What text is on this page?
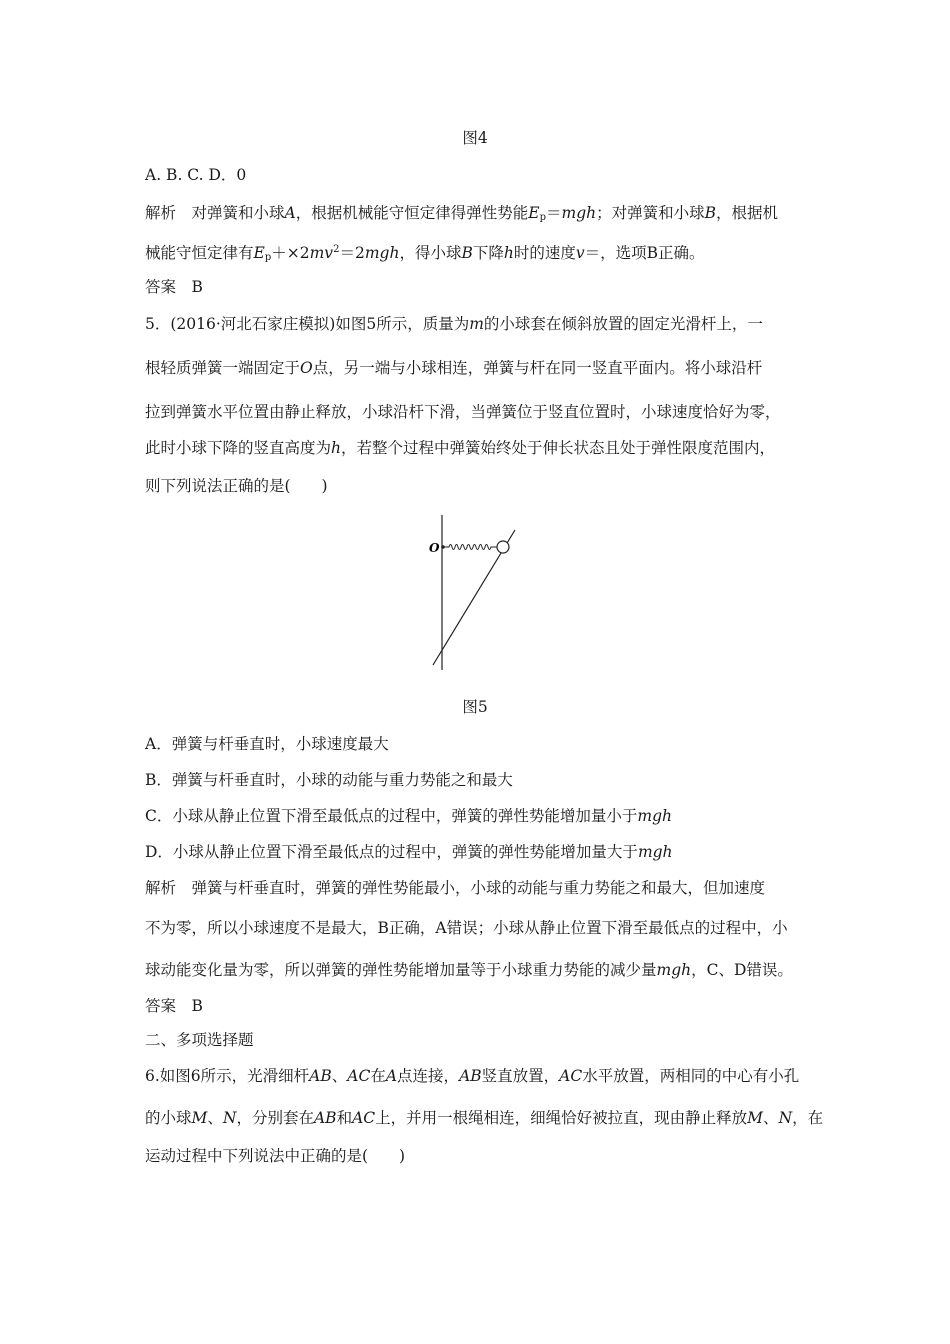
图4
A. B. C. D．0
解析　 对弹簧和小球A，根据机械能守恒定律得弹性势能$E_p=mgh$；对弹簧和小球B，根据机
械能守恒定律有$E_p+\times 2mv^2=2mgh$，得小球B下降h时的速度v＝，选项B正确。
答案　B
5．(2016·河北石家庄模拟)如图5所示，质量为m的小球套在倾斜放置的固定光滑杆上，一
根轻质弹簧一端固定于O点，另一端与小球相连，弹簧与杆在同一竖直平面内。将小球沿杆
拉到弹簧水平位置由静止释放，小球沿杆下滑，当弹簧位于竖直位置时，小球速度恰好为零，
此时小球下降的竖直高度为h，若整个过程中弹簧始终处于伸长状态且处于弹性限度范围内，
则下列说法正确的是(　　)
O
图5
A．弹簧与杆垂直时，小球速度最大
B．弹簧与杆垂直时，小球的动能与重力势能之和最大
C．小球从静止位置下滑至最低点的过程中，弹簧的弹性势能增加量小于mgh
D．小球从静止位置下滑至最低点的过程中，弹簧的弹性势能增加量大于mgh
解析　弹簧与杆垂直时，弹簧的弹性势能最小，小球的动能与重力势能之和最大，但加速度
不为零，所以小球速度不是最大，B正确，A错误；小球从静止位置下滑至最低点的过程中，小
球动能变化量为零，所以弹簧的弹性势能增加量等于小球重力势能的减少量mgh，C、D错误。
答案　B
二、多项选择题
6.如图6所示，光滑细杆AB、AC在A点连接，AB竖直放置，AC水平放置，两相同的中心有小孔
的小球M、N，分别套在AB和AC上，并用一根绳相连，细绳恰好被拉直，现由静止释放M、N，在
运动过程中下列说法中正确的是(　　)
